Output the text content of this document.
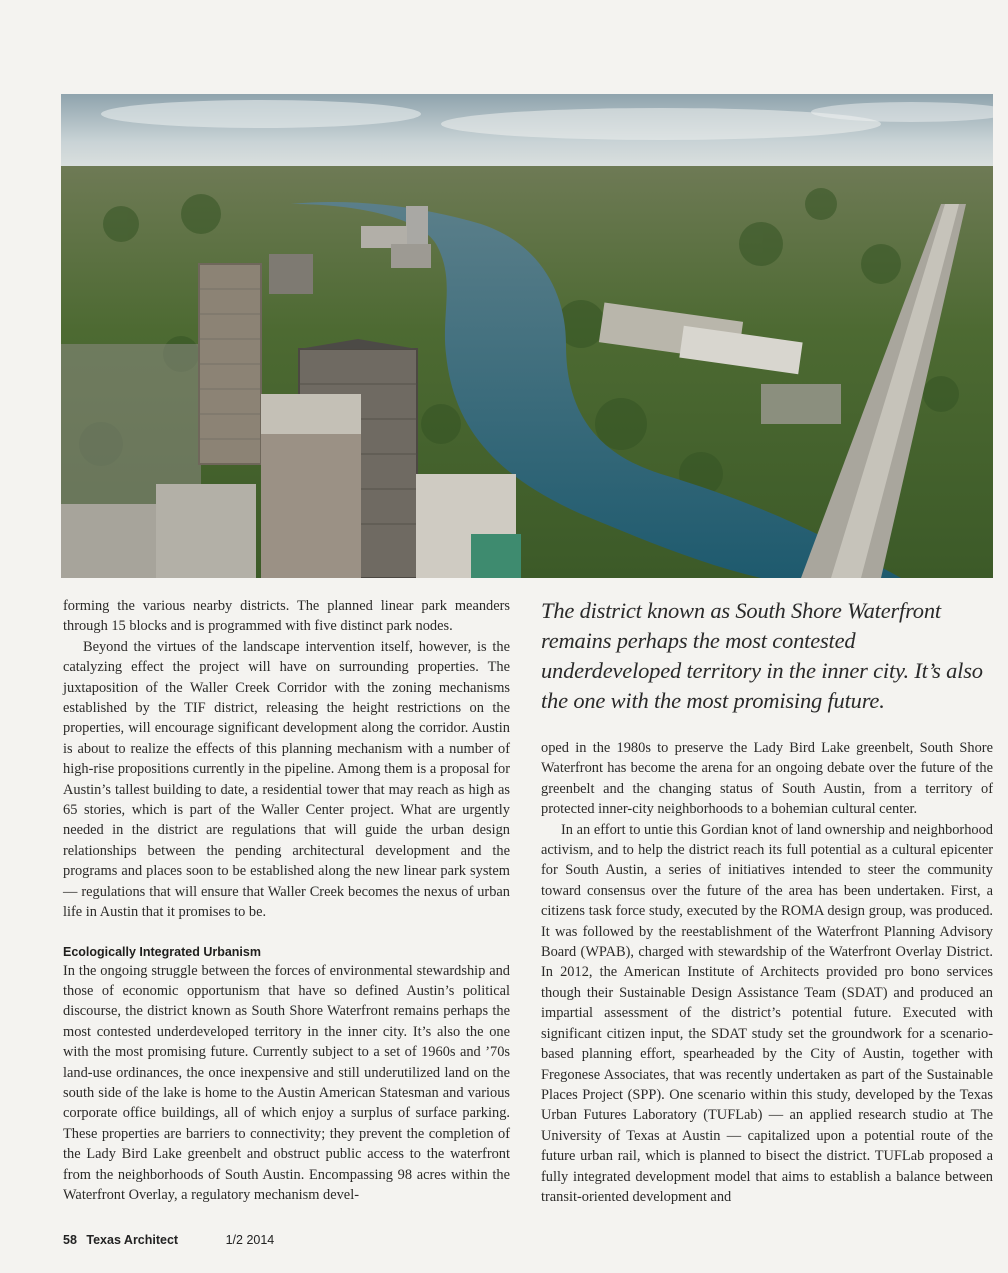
forming the various nearby districts. The planned linear park meanders through 15 blocks and is programmed with five distinct park nodes.

Beyond the virtues of the landscape intervention itself, however, is the catalyzing effect the project will have on surrounding properties. The juxtaposition of the Waller Creek Corridor with the zoning mechanisms established by the TIF district, releasing the height restrictions on the properties, will encourage significant development along the corridor. Austin is about to realize the effects of this planning mechanism with a number of high-rise propositions currently in the pipeline. Among them is a proposal for Austin’s tallest building to date, a residential tower that may reach as high as 65 stories, which is part of the Waller Center project. What are urgently needed in the district are regulations that will guide the urban design relationships between the pending architectural development and the programs and places soon to be established along the new linear park system — regulations that will ensure that Waller Creek becomes the nexus of urban life in Austin that it promises to be.

Ecologically Integrated Urbanism

In the ongoing struggle between the forces of environmental stewardship and those of economic opportunism that have so defined Austin’s political discourse, the district known as South Shore Waterfront remains perhaps the most contested underdeveloped territory in the inner city. It’s also the one with the most promising future. Currently subject to a set of 1960s and ’70s land-use ordinances, the once inexpensive and still underutilized land on the south side of the lake is home to the Austin American Statesman and various corporate office buildings, all of which enjoy a surplus of surface parking. These properties are barriers to connectivity; they prevent the completion of the Lady Bird Lake greenbelt and obstruct public access to the waterfront from the neighborhoods of South Austin. Encompassing 98 acres within the Waterfront Overlay, a regulatory mechanism devel-

The district known as South Shore Waterfront remains perhaps the most contested underdeveloped territory in the inner city. It’s also the one with the most promising future.

oped in the 1980s to preserve the Lady Bird Lake greenbelt, South Shore Waterfront has become the arena for an ongoing debate over the future of the greenbelt and the changing status of South Austin, from a territory of protected inner-city neighborhoods to a bohemian cultural center.

In an effort to untie this Gordian knot of land ownership and neighborhood activism, and to help the district reach its full potential as a cultural epicenter for South Austin, a series of initiatives intended to steer the community toward consensus over the future of the area has been undertaken. First, a citizens task force study, executed by the ROMA design group, was produced. It was followed by the reestablishment of the Waterfront Planning Advisory Board (WPAB), charged with stewardship of the Waterfront Overlay District. In 2012, the American Institute of Architects provided pro bono services though their Sustainable Design Assistance Team (SDAT) and produced an impartial assessment of the district’s potential future. Executed with significant citizen input, the SDAT study set the groundwork for a scenario-based planning effort, spearheaded by the City of Austin, together with Fregonese Associates, that was recently undertaken as part of the Sustainable Places Project (SPP). One scenario within this study, developed by the Texas Urban Futures Laboratory (TUFLab) — an applied research studio at The University of Texas at Austin — capitalized upon a potential route of the future urban rail, which is planned to bisect the district. TUFLab proposed a fully integrated development model that aims to establish a balance between transit-oriented development and

58 Texas Architect	1/2 2014
